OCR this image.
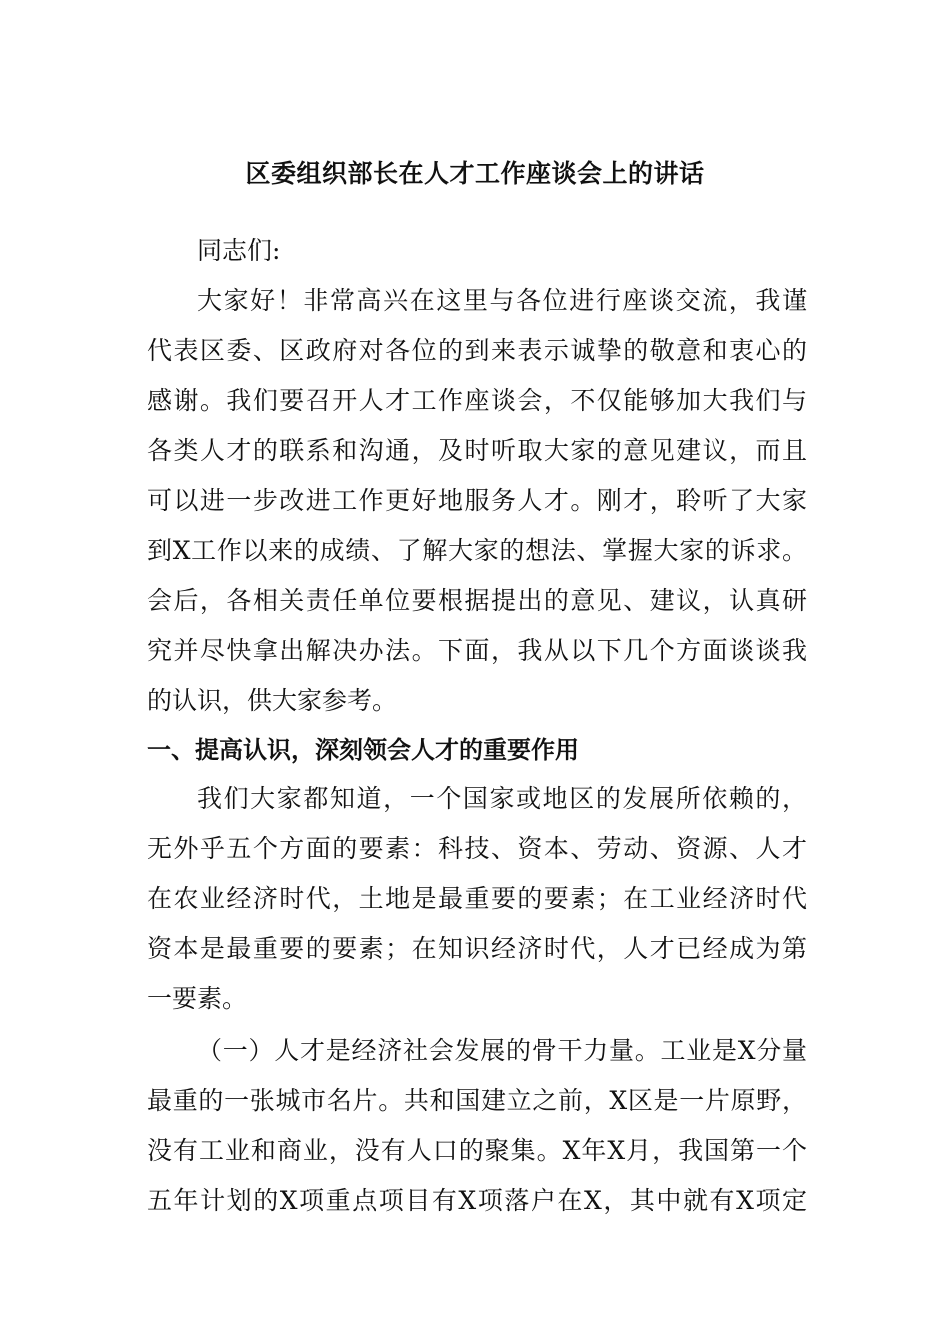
区委组织部长在人才工作座谈会上的讲话
同志们:
大家好！非常高兴在这里与各位进行座谈交流，我谨
代表区委、区政府对各位的到来表示诚挚的敬意和衷心的
感谢。我们要召开人才工作座谈会，不仅能够加大我们与
各类人才的联系和沟通，及时听取大家的意见建议，而且
可以进一步改进工作更好地服务人才。刚才，聆听了大家
到X工作以来的成绩、了解大家的想法、掌握大家的诉求。
会后，各相关责任单位要根据提出的意见、建议，认真研
究并尽快拿出解决办法。下面，我从以下几个方面谈谈我
的认识，供大家参考。
一、提高认识，深刻领会人才的重要作用
我们大家都知道，一个国家或地区的发展所依赖的，
无外乎五个方面的要素：科技、资本、劳动、资源、人才
在农业经济时代，土地是最重要的要素；在工业经济时代
资本是最重要的要素；在知识经济时代，人才已经成为第
一要素。
（一）人才是经济社会发展的骨干力量。工业是X分量
最重的一张城市名片。共和国建立之前，X区是一片原野，
没有工业和商业，没有人口的聚集。X年X月，我国第一个
五年计划的X项重点项目有X项落户在X，其中就有X项定
